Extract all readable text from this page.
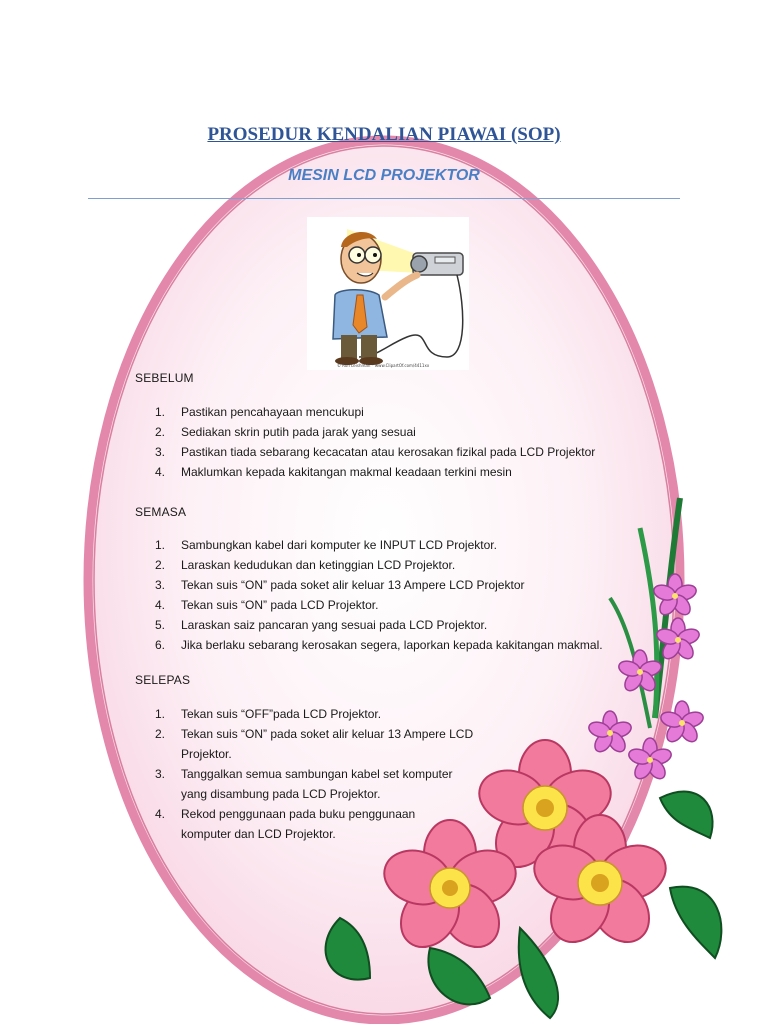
PROSEDUR KENDALIAN PIAWAI (SOP)
MESIN LCD PROJEKTOR
© Ron Leishman * www.ClipartOf.com/4411xx
SEBELUM
1. Pastikan pencahayaan mencukupi
2. Sediakan skrin putih pada jarak yang sesuai
3. Pastikan tiada sebarang kecacatan atau kerosakan fizikal pada LCD Projektor
4. Maklumkan kepada kakitangan makmal keadaan terkini mesin
SEMASA
1. Sambungkan kabel dari komputer ke INPUT LCD Projektor.
2. Laraskan kedudukan dan ketinggian LCD Projektor.
3. Tekan suis “ON” pada soket alir keluar 13 Ampere LCD Projektor
4. Tekan suis “ON” pada LCD Projektor.
5. Laraskan saiz pancaran yang sesuai pada LCD Projektor.
6. Jika berlaku sebarang kerosakan segera, laporkan kepada kakitangan makmal.
SELEPAS
1. Tekan suis “OFF”pada LCD Projektor.
2. Tekan suis “ON” pada soket alir keluar 13 Ampere LCD
Projektor.
3. Tanggalkan semua sambungan kabel set komputer
yang disambung pada LCD Projektor.
4. Rekod penggunaan pada buku penggunaan
komputer dan LCD Projektor.
